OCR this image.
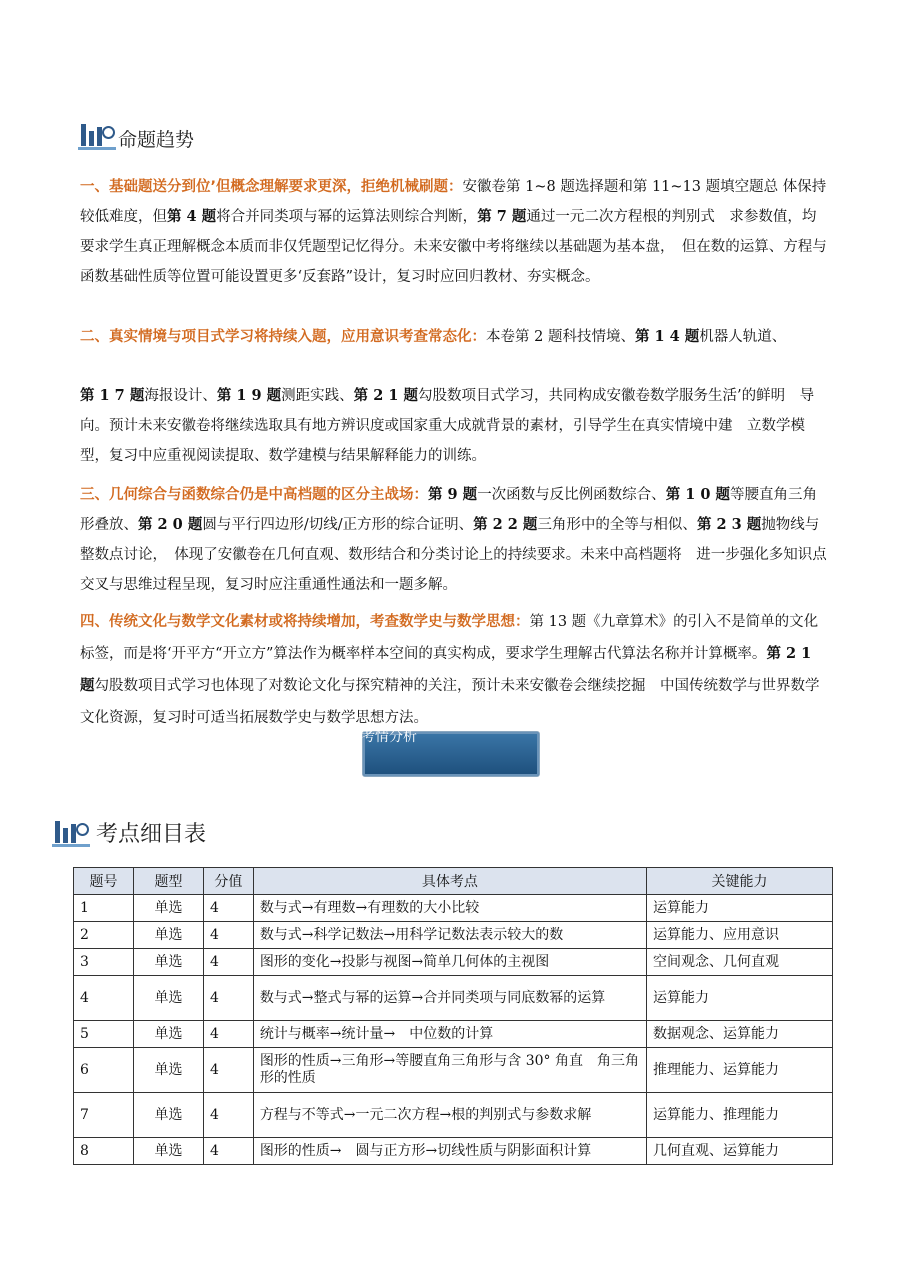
命题趋势

一、基础题送分到位’但概念理解要求更深，拒绝机械刷题：安徽卷第 1~8 题选择题和第 11~13 题填空题总 体保持较低难度，但第 4 题将合并同类项与幂的运算法则综合判断，第 7 题通过一元二次方程根的判别式　求参数值，均要求学生真正理解概念本质而非仅凭题型记忆得分。未来安徽中考将继续以基础题为基本盘，　但在数的运算、方程与函数基础性质等位置可能设置更多‘反套路”设计，复习时应回归教材、夯实概念。

二、真实情境与项目式学习将持续入题，应用意识考查常态化：本卷第 2 题科技情境、第 1 4 题机器人轨道、

第 1 7 题海报设计、第 1 9 题测距实践、第 2 1 题勾股数项目式学习，共同构成安徽卷数学服务生活’的鲜明　导向。预计未来安徽卷将继续选取具有地方辨识度或国家重大成就背景的素材，引导学生在真实情境中建　立数学模型，复习中应重视阅读提取、数学建模与结果解释能力的训练。

三、几何综合与函数综合仍是中高档题的区分主战场：第 9 题一次函数与反比例函数综合、第 1 0 题等腰直角三角形叠放、第 2 0 题圆与平行四边形/切线/正方形的综合证明、第 2 2 题三角形中的全等与相似、第 2 3 题抛物线与整数点讨论，　体现了安徽卷在几何直观、数形结合和分类讨论上的持续要求。未来中高档题将　进一步强化多知识点交叉与思维过程呈现，复习时应注重通性通法和一题多解。

四、传统文化与数学文化素材或将持续增加，考查数学史与数学思想：第 13 题《九章算术》的引入不是简单的文化标签，而是将‘开平方“开立方”算法作为概率样本空间的真实构成，要求学生理解古代算法名称并计算概率。第 2 1 题勾股数项目式学习也体现了对数论文化与探究精神的关注，预计未来安徽卷会继续挖掘　中国传统数学与世界数学文化资源，复习时可适当拓展数学史与数学思想方法。

考情分析
考点细目表
题号	题型	分值	具体考点	关键能力
1	单选	4	数与式→有理数→有理数的大小比较	运算能力
2	单选	4	数与式→科学记数法→用科学记数法表示较大的数	运算能力、应用意识
3	单选	4	图形的变化→投影与视图→简单几何体的主视图	空间观念、几何直观
4	单选	4	数与式→整式与幂的运算→合并同类项与同底数幂的运算	运算能力
5	单选	4	统计与概率→统计量→　中位数的计算	数据观念、运算能力
6	单选	4	图形的性质→三角形→等腰直角三角形与含 30° 角直　角三角形的性质	推理能力、运算能力
7	单选	4	方程与不等式→一元二次方程→根的判别式与参数求解	运算能力、推理能力
8	单选	4	图形的性质→　圆与正方形→切线性质与阴影面积计算	几何直观、运算能力
